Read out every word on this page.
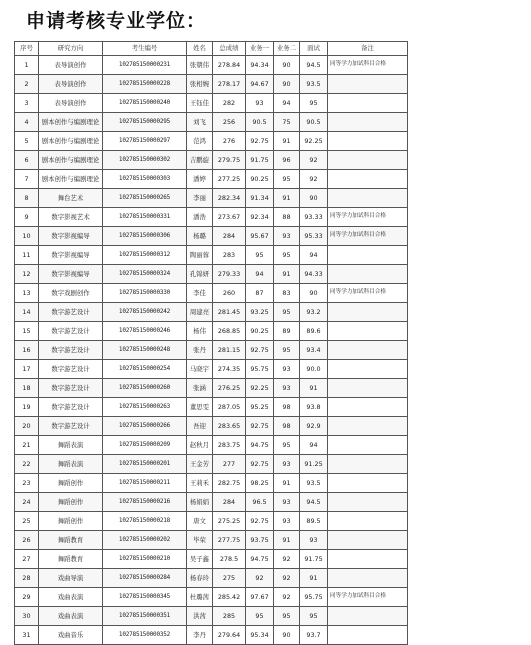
申请考核专业学位：
序号	研究方向	考生编号	姓名	总成绩	业务一	业务二	面试	备注
1	表导演创作	102785150000231	张朝伟	278.84	94.34	90	94.5	同等学力加试科目合格
2	表导演创作	102785150000228	张相婉	278.17	94.67	90	93.5	
3	表导演创作	102785150000240	王钰佳	282	93	94	95	
4	剧本创作与编剧理论	102785150000295	刘飞	256	90.5	75	90.5	
5	剧本创作与编剧理论	102785150000297	范鸿	276	92.75	91	92.25	
6	剧本创作与编剧理论	102785150000302	吉鹏旋	279.75	91.75	96	92	
7	剧本创作与编剧理论	102785150000303	潘婷	277.25	90.25	95	92	
8	舞台艺术	102785150000265	李丽	282.34	91.34	91	90	
9	数字影视艺术	102785150000331	潘浩	273.67	92.34	88	93.33	同等学力加试科目合格
10	数字影视编导	102785150000306	杨璐	284	95.67	93	95.33	同等学力加试科目合格
11	数字影视编导	102785150000312	陶丽蓉	283	95	95	94	
12	数字影视编导	102785150000324	孔锦妍	279.33	94	91	94.33	
13	数字戏剧创作	102785150000330	李佳	260	87	83	90	同等学力加试科目合格
14	数字游艺设计	102785150000242	周建亮	281.45	93.25	95	93.2	
15	数字游艺设计	102785150000246	杨伟	268.85	90.25	89	89.6	
16	数字游艺设计	102785150000248	张丹	281.15	92.75	95	93.4	
17	数字游艺设计	102785150000254	马晓宇	274.35	95.75	93	90.0	
18	数字游艺设计	102785150000260	张涵	276.25	92.25	93	91	
19	数字游艺设计	102785150000263	董思雯	287.05	95.25	98	93.8	
20	数字游艺设计	102785150000266	吾迎	283.65	92.75	98	92.9	
21	舞蹈表演	102785150000209	赵秋月	283.75	94.75	95	94	
22	舞蹈表演	102785150000201	王金芳	277	92.75	93	91.25	
23	舞蹈创作	102785150000211	王莉禾	282.75	98.25	91	93.5	
24	舞蹈创作	102785150000216	杨娟娟	284	96.5	93	94.5	
25	舞蹈创作	102785150000218	唐文	275.25	92.75	93	89.5	
26	舞蹈教育	102785150000202	毕荣	277.75	93.75	91	93	
27	舞蹈教育	102785150000210	吴子鑫	278.5	94.75	92	91.75	
28	戏曲导演	102785150000284	杨春玲	275	92	92	91	
29	戏曲表演	102785150000345	杜璐茜	285.42	97.67	92	95.75	同等学力加试科目合格
30	戏曲表演	102785150000351	洪茜	285	95	95	95	
31	戏曲音乐	102785150000352	李丹	279.64	95.34	90	93.7	
